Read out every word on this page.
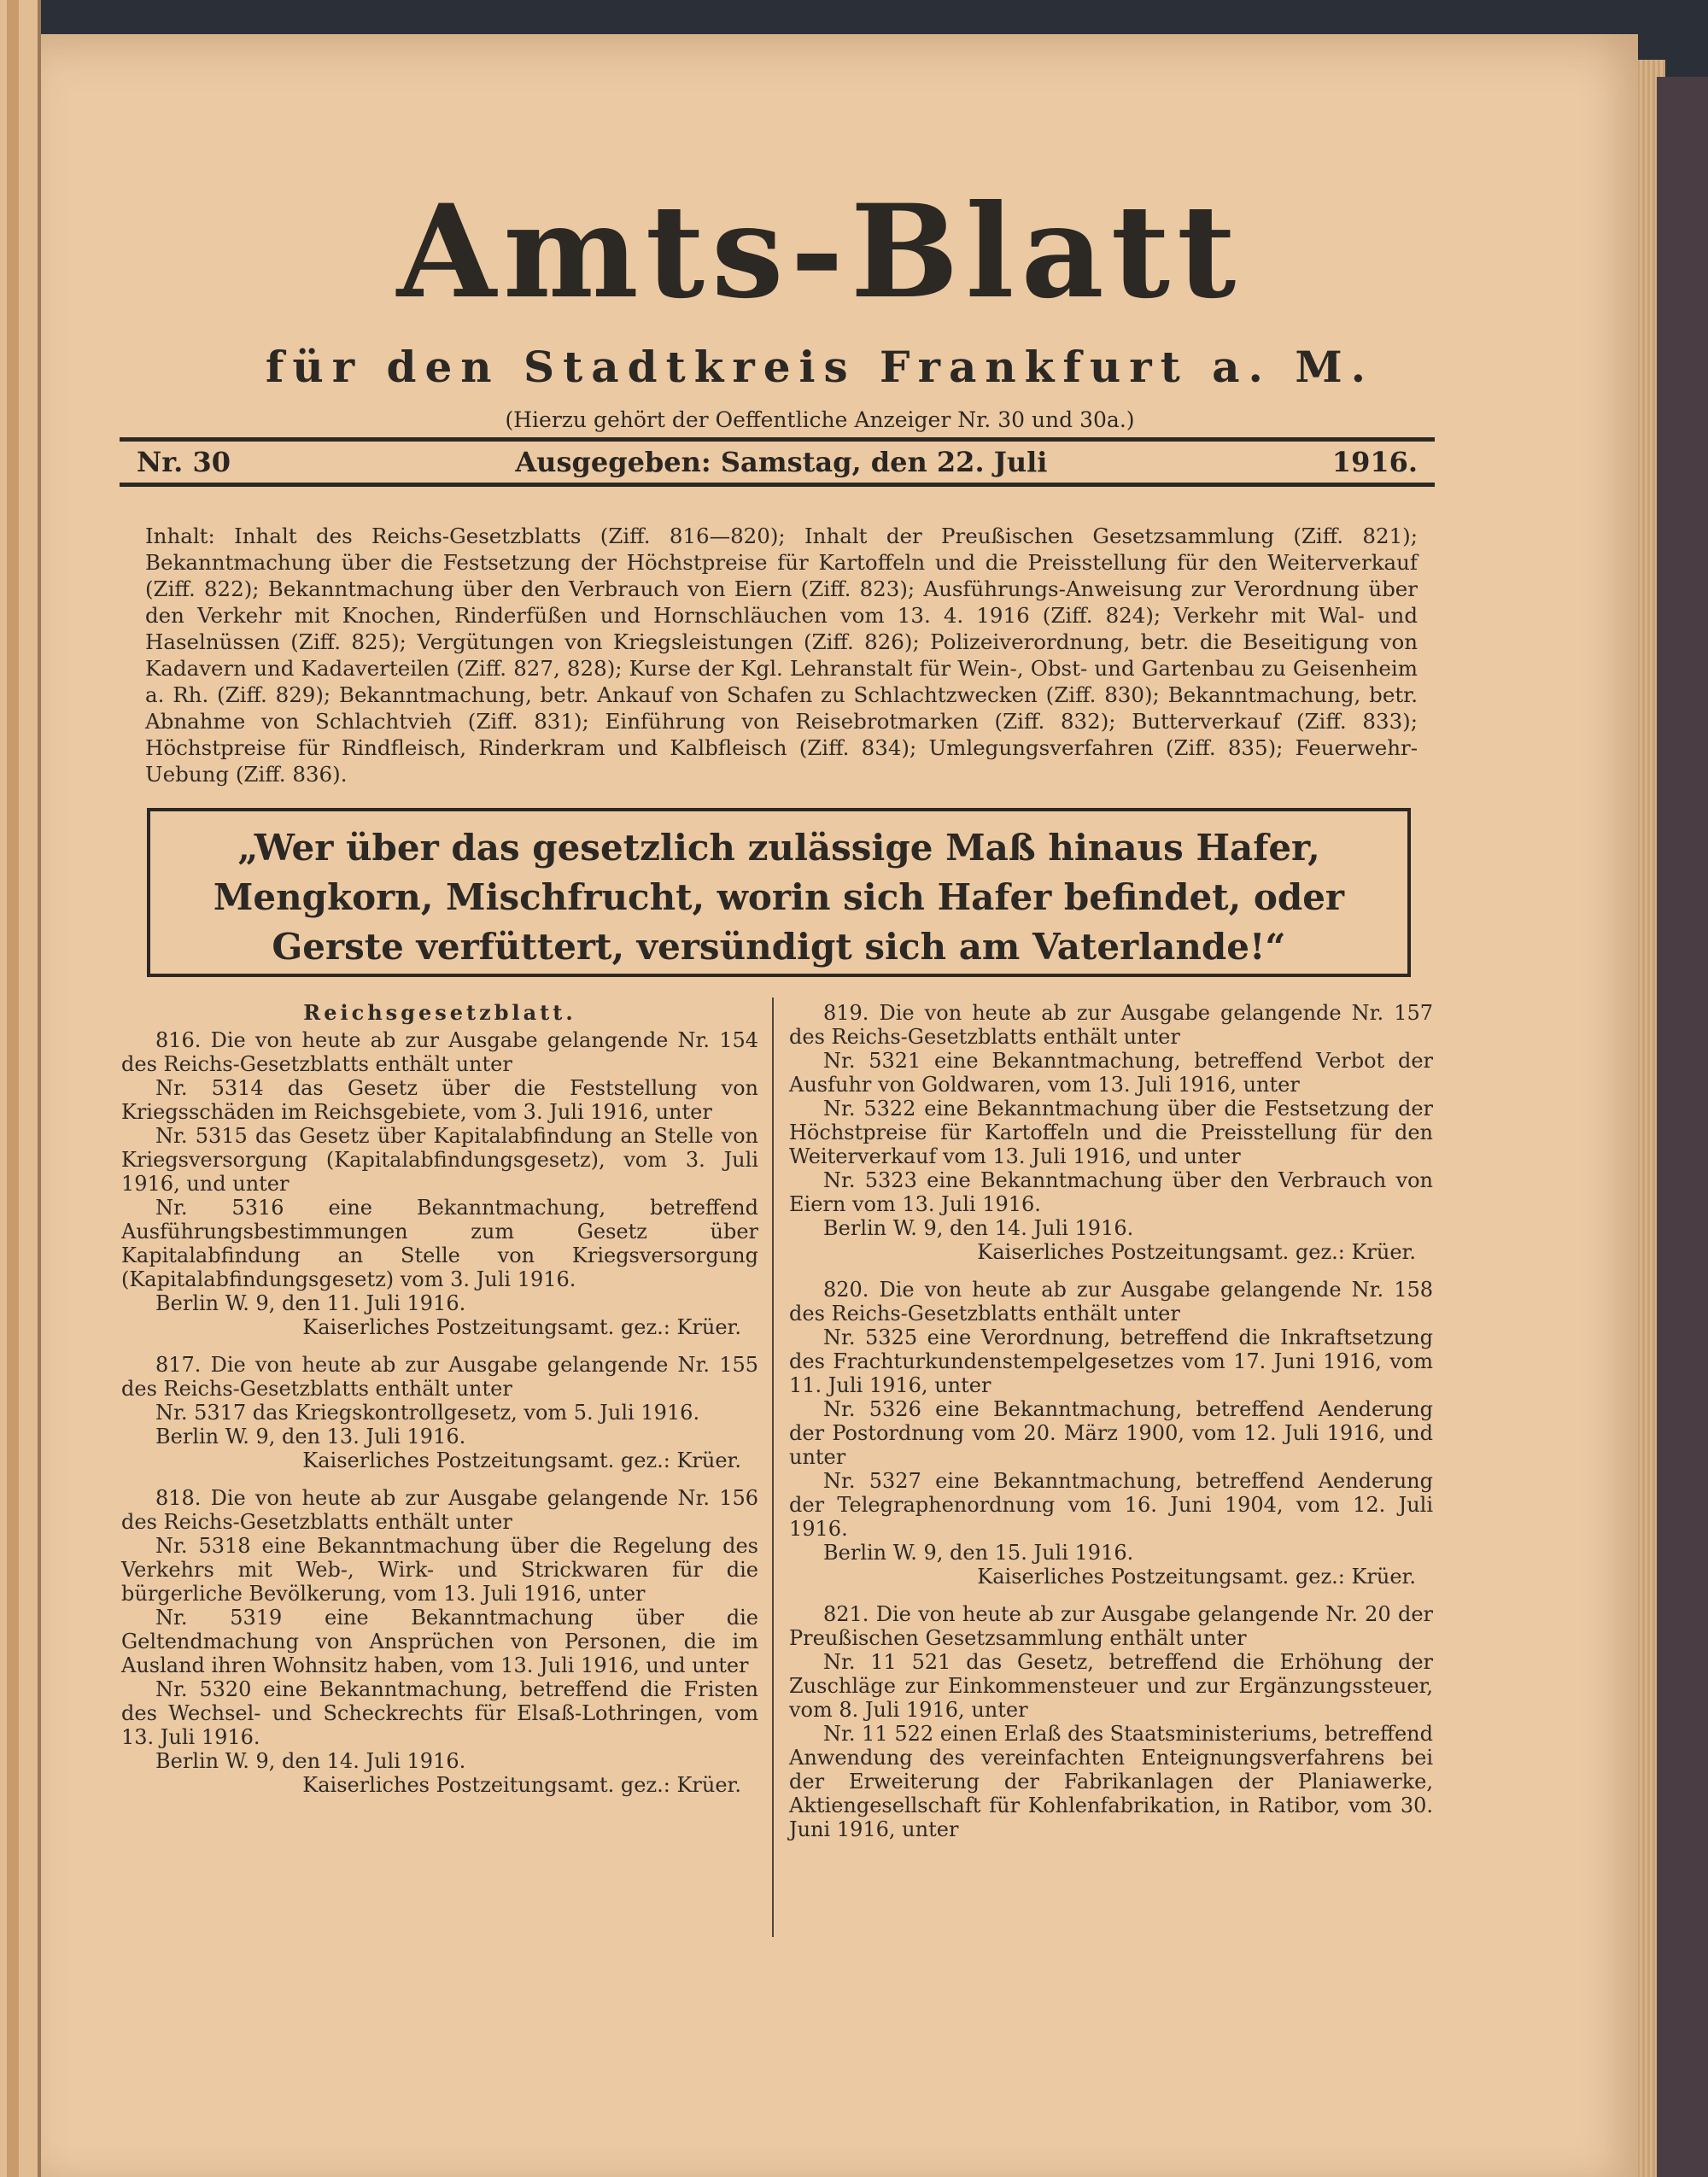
Amts-Blatt
für den Stadtkreis Frankfurt a. M.
(Hierzu gehört der Oeffentliche Anzeiger Nr. 30 und 30a.)
Nr. 30	Ausgegeben: Samstag, den 22. Juli	1916.
Inhalt: Inhalt des Reichs-Gesetzblatts (Ziff. 816—820); Inhalt der Preußischen Gesetzsammlung (Ziff. 821); Bekanntmachung über die Festsetzung der Höchstpreise für Kartoffeln und die Preisstellung für den Weiterverkauf (Ziff. 822); Bekanntmachung über den Verbrauch von Eiern (Ziff. 823); Ausführungs-Anweisung zur Verordnung über den Verkehr mit Knochen, Rinderfüßen und Hornschläuchen vom 13. 4. 1916 (Ziff. 824); Verkehr mit Wal- und Haselnüssen (Ziff. 825); Vergütungen von Kriegsleistungen (Ziff. 826); Polizeiverordnung, betr. die Beseitigung von Kadavern und Kadaverteilen (Ziff. 827, 828); Kurse der Kgl. Lehranstalt für Wein-, Obst- und Gartenbau zu Geisenheim a. Rh. (Ziff. 829); Bekanntmachung, betr. Ankauf von Schafen zu Schlachtzwecken (Ziff. 830); Bekanntmachung, betr. Abnahme von Schlachtvieh (Ziff. 831); Einführung von Reisebrotmarken (Ziff. 832); Butterverkauf (Ziff. 833); Höchstpreise für Rindfleisch, Rinderkram und Kalbfleisch (Ziff. 834); Umlegungsverfahren (Ziff. 835); Feuerwehr-Uebung (Ziff. 836).
„Wer über das gesetzlich zulässige Maß hinaus Hafer, Mengkorn, Mischfrucht, worin sich Hafer befindet, oder Gerste verfüttert, versündigt sich am Vaterlande!“
Reichsgesetzblatt.

816. Die von heute ab zur Ausgabe gelangende Nr. 154 des Reichs-Gesetzblatts enthält unter

Nr. 5314 das Gesetz über die Feststellung von Kriegsschäden im Reichsgebiete, vom 3. Juli 1916, unter

Nr. 5315 das Gesetz über Kapitalabfindung an Stelle von Kriegsversorgung (Kapitalabfindungsgesetz), vom 3. Juli 1916, und unter

Nr. 5316 eine Bekanntmachung, betreffend Ausführungsbestimmungen zum Gesetz über Kapitalabfindung an Stelle von Kriegsversorgung (Kapitalabfindungsgesetz) vom 3. Juli 1916.

Berlin W. 9, den 11. Juli 1916.

Kaiserliches Postzeitungsamt. gez.: Krüer.

817. Die von heute ab zur Ausgabe gelangende Nr. 155 des Reichs-Gesetzblatts enthält unter

Nr. 5317 das Kriegskontrollgesetz, vom 5. Juli 1916.

Berlin W. 9, den 13. Juli 1916.

Kaiserliches Postzeitungsamt. gez.: Krüer.

818. Die von heute ab zur Ausgabe gelangende Nr. 156 des Reichs-Gesetzblatts enthält unter

Nr. 5318 eine Bekanntmachung über die Regelung des Verkehrs mit Web-, Wirk- und Strickwaren für die bürgerliche Bevölkerung, vom 13. Juli 1916, unter

Nr. 5319 eine Bekanntmachung über die Geltendmachung von Ansprüchen von Personen, die im Ausland ihren Wohnsitz haben, vom 13. Juli 1916, und unter

Nr. 5320 eine Bekanntmachung, betreffend die Fristen des Wechsel- und Scheckrechts für Elsaß-Lothringen, vom 13. Juli 1916.

Berlin W. 9, den 14. Juli 1916.

Kaiserliches Postzeitungsamt. gez.: Krüer.

819. Die von heute ab zur Ausgabe gelangende Nr. 157 des Reichs-Gesetzblatts enthält unter

Nr. 5321 eine Bekanntmachung, betreffend Verbot der Ausfuhr von Goldwaren, vom 13. Juli 1916, unter

Nr. 5322 eine Bekanntmachung über die Festsetzung der Höchstpreise für Kartoffeln und die Preisstellung für den Weiterverkauf vom 13. Juli 1916, und unter

Nr. 5323 eine Bekanntmachung über den Verbrauch von Eiern vom 13. Juli 1916.

Berlin W. 9, den 14. Juli 1916.

Kaiserliches Postzeitungsamt. gez.: Krüer.

820. Die von heute ab zur Ausgabe gelangende Nr. 158 des Reichs-Gesetzblatts enthält unter

Nr. 5325 eine Verordnung, betreffend die Inkraftsetzung des Frachturkundenstempelgesetzes vom 17. Juni 1916, vom 11. Juli 1916, unter

Nr. 5326 eine Bekanntmachung, betreffend Aenderung der Postordnung vom 20. März 1900, vom 12. Juli 1916, und unter

Nr. 5327 eine Bekanntmachung, betreffend Aenderung der Telegraphenordnung vom 16. Juni 1904, vom 12. Juli 1916.

Berlin W. 9, den 15. Juli 1916.

Kaiserliches Postzeitungsamt. gez.: Krüer.

821. Die von heute ab zur Ausgabe gelangende Nr. 20 der Preußischen Gesetzsammlung enthält unter

Nr. 11 521 das Gesetz, betreffend die Erhöhung der Zuschläge zur Einkommensteuer und zur Ergänzungssteuer, vom 8. Juli 1916, unter

Nr. 11 522 einen Erlaß des Staatsministeriums, betreffend Anwendung des vereinfachten Enteignungsverfahrens bei der Erweiterung der Fabrikanlagen der Planiawerke, Aktiengesellschaft für Kohlenfabrikation, in Ratibor, vom 30. Juni 1916, unter
